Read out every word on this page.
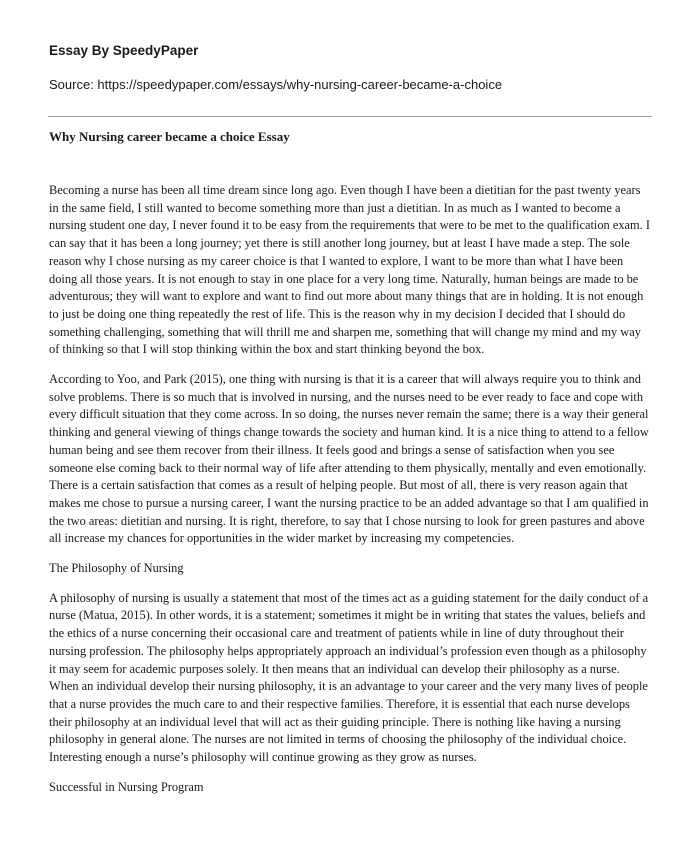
Essay By SpeedyPaper
Source: https://speedypaper.com/essays/why-nursing-career-became-a-choice
Why Nursing career became a choice Essay

Becoming a nurse has been all time dream since long ago. Even though I have been a dietitian for the past twenty years in the same field, I still wanted to become something more than just a dietitian. In as much as I wanted to become a nursing student one day, I never found it to be easy from the requirements that were to be met to the qualification exam. I can say that it has been a long journey; yet there is still another long journey, but at least I have made a step. The sole reason why I chose nursing as my career choice is that I wanted to explore, I want to be more than what I have been doing all those years. It is not enough to stay in one place for a very long time. Naturally, human beings are made to be adventurous; they will want to explore and want to find out more about many things that are in holding. It is not enough to just be doing one thing repeatedly the rest of life. This is the reason why in my decision I decided that I should do something challenging, something that will thrill me and sharpen me, something that will change my mind and my way of thinking so that I will stop thinking within the box and start thinking beyond the box.

According to Yoo, and Park (2015), one thing with nursing is that it is a career that will always require you to think and solve problems. There is so much that is involved in nursing, and the nurses need to be ever ready to face and cope with every difficult situation that they come across. In so doing, the nurses never remain the same; there is a way their general thinking and general viewing of things change towards the society and human kind. It is a nice thing to attend to a fellow human being and see them recover from their illness. It feels good and brings a sense of satisfaction when you see someone else coming back to their normal way of life after attending to them physically, mentally and even emotionally. There is a certain satisfaction that comes as a result of helping people. But most of all, there is very reason again that makes me chose to pursue a nursing career, I want the nursing practice to be an added advantage so that I am qualified in the two areas: dietitian and nursing. It is right, therefore, to say that I chose nursing to look for green pastures and above all increase my chances for opportunities in the wider market by increasing my competencies.

The Philosophy of Nursing

A philosophy of nursing is usually a statement that most of the times act as a guiding statement for the daily conduct of a nurse (Matua, 2015). In other words, it is a statement; sometimes it might be in writing that states the values, beliefs and the ethics of a nurse concerning their occasional care and treatment of patients while in line of duty throughout their nursing profession. The philosophy helps appropriately approach an individual’s profession even though as a philosophy it may seem for academic purposes solely. It then means that an individual can develop their philosophy as a nurse. When an individual develop their nursing philosophy, it is an advantage to your career and the very many lives of people that a nurse provides the much care to and their respective families. Therefore, it is essential that each nurse develops their philosophy at an individual level that will act as their guiding principle. There is nothing like having a nursing philosophy in general alone. The nurses are not limited in terms of choosing the philosophy of the individual choice. Interesting enough a nurse’s philosophy will continue growing as they grow as nurses.

Successful in Nursing Program
